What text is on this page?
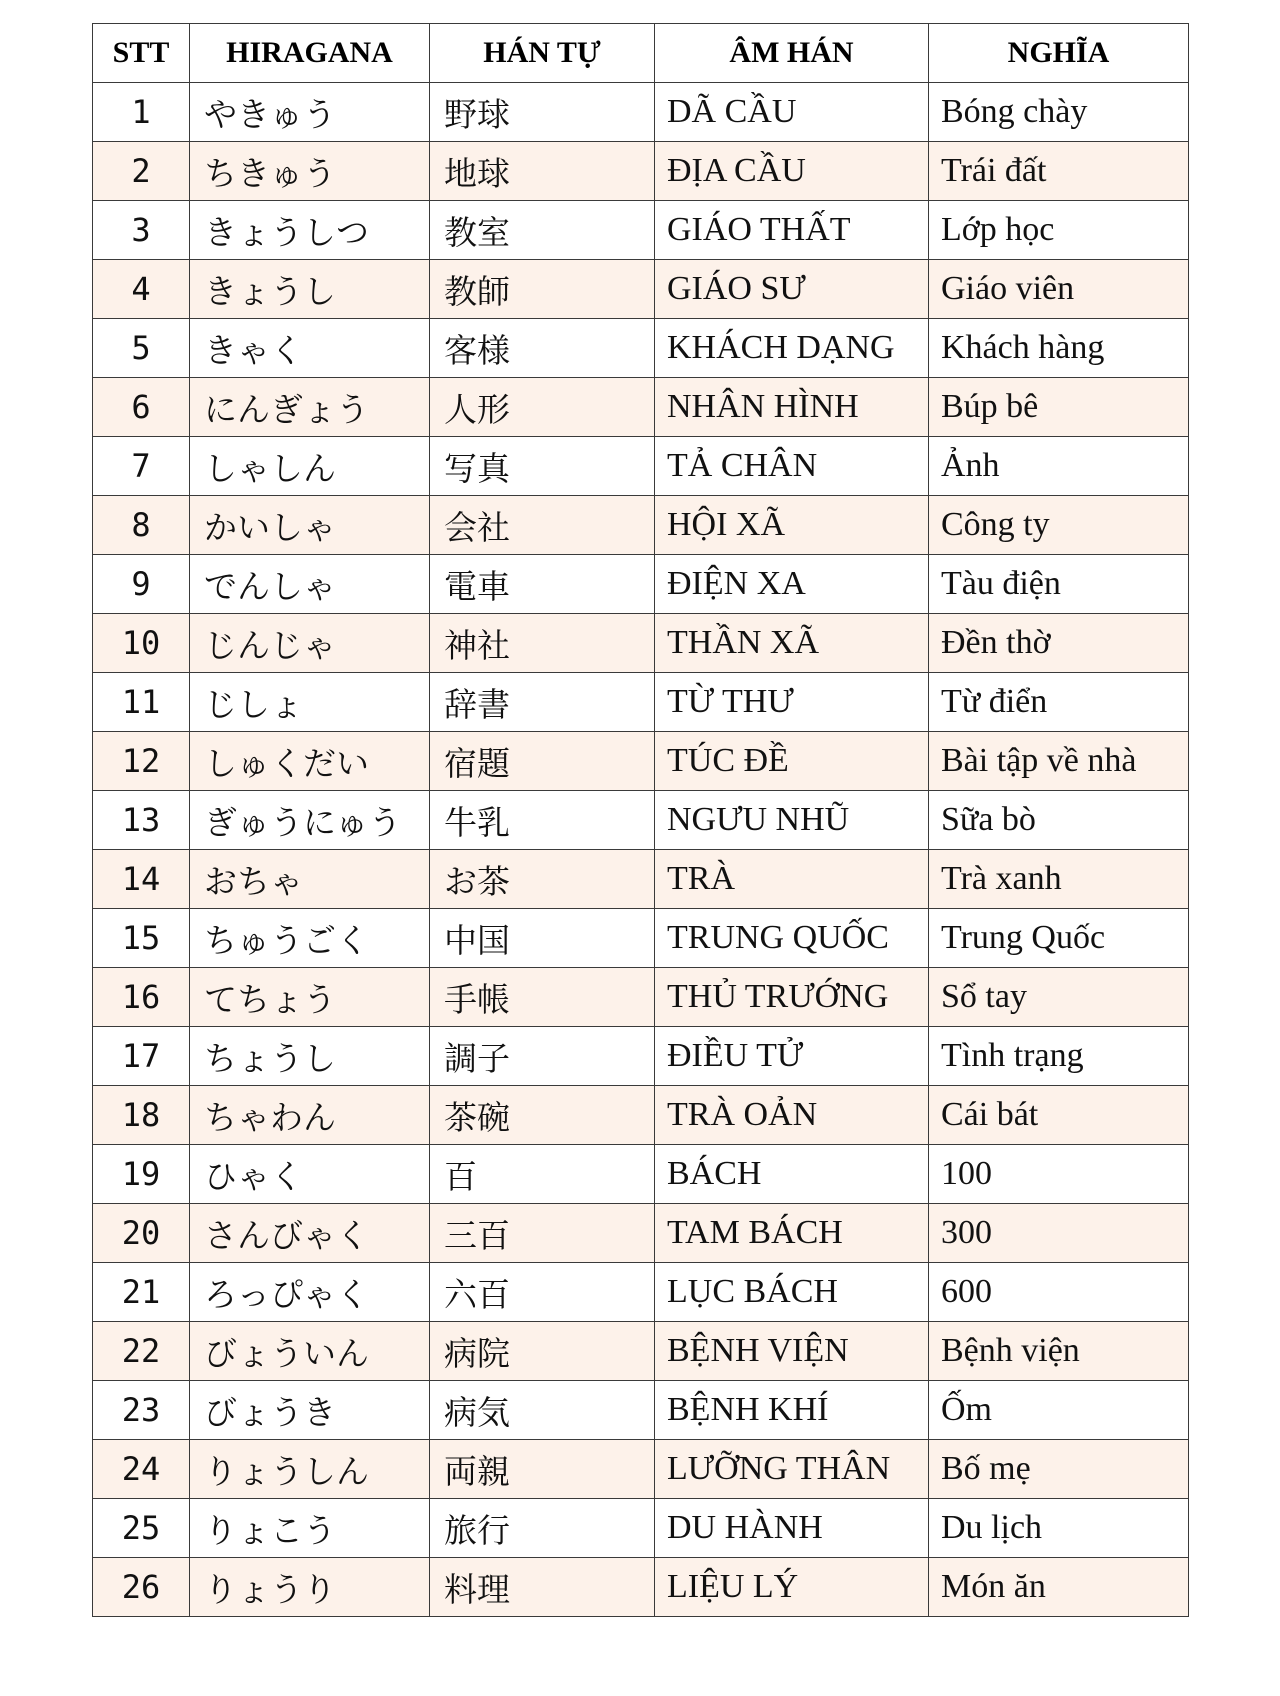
STT	HIRAGANA	HÁN TỰ	ÂM HÁN	NGHĨA
1	やきゅう	野球	DÃ CẦU	Bóng chày
2	ちきゅう	地球	ĐỊA CẦU	Trái đất
3	きょうしつ	教室	GIÁO THẤT	Lớp học
4	きょうし	教師	GIÁO SƯ	Giáo viên
5	きゃく	客様	KHÁCH DẠNG	Khách hàng
6	にんぎょう	人形	NHÂN HÌNH	Búp bê
7	しゃしん	写真	TẢ CHÂN	Ảnh
8	かいしゃ	会社	HỘI XÃ	Công ty
9	でんしゃ	電車	ĐIỆN XA	Tàu điện
10	じんじゃ	神社	THẦN XÃ	Đền thờ
11	じしょ	辞書	TỪ THƯ	Từ điển
12	しゅくだい	宿題	TÚC ĐỀ	Bài tập về nhà
13	ぎゅうにゅう	牛乳	NGƯU NHŨ	Sữa bò
14	おちゃ	お茶	TRÀ	Trà xanh
15	ちゅうごく	中国	TRUNG QUỐC	Trung Quốc
16	てちょう	手帳	THỦ TRƯỚNG	Sổ tay
17	ちょうし	調子	ĐIỀU TỬ	Tình trạng
18	ちゃわん	茶碗	TRÀ OẢN	Cái bát
19	ひゃく	百	BÁCH	100
20	さんびゃく	三百	TAM BÁCH	300
21	ろっぴゃく	六百	LỤC BÁCH	600
22	びょういん	病院	BỆNH VIỆN	Bệnh viện
23	びょうき	病気	BỆNH KHÍ	Ốm
24	りょうしん	両親	LƯỠNG THÂN	Bố mẹ
25	りょこう	旅行	DU HÀNH	Du lịch
26	りょうり	料理	LIỆU LÝ	Món ăn
